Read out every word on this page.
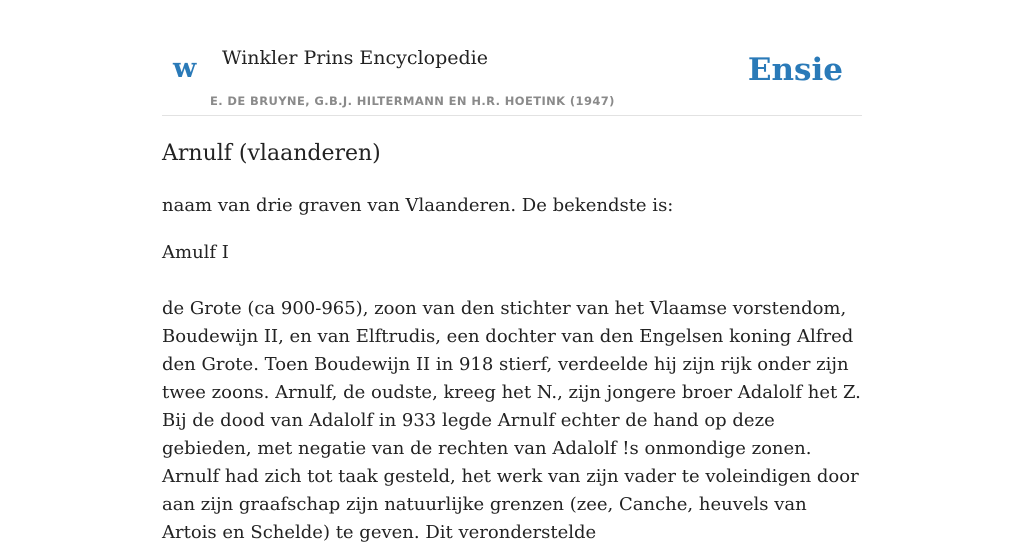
w Winkler Prins Encyclopedie
E. DE BRUYNE, G.B.J. HILTERMANN EN H.R. HOETINK (1947)
Ensie
Arnulf (vlaanderen)

naam van drie graven van Vlaanderen. De bekendste is:

Amulf I

de Grote (ca 900-965), zoon van den stichter van het Vlaamse vorstendom, Boudewijn II, en van Elftrudis, een dochter van den Engelsen koning Alfred den Grote. Toen Boudewijn II in 918 stierf, verdeelde hij zijn rijk onder zijn twee zoons. Arnulf, de oudste, kreeg het N., zijn jongere broer Adalolf het Z. Bij de dood van Adalolf in 933 legde Arnulf echter de hand op deze gebieden, met negatie van de rechten van Adalolf !s onmondige zonen. Arnulf had zich tot taak gesteld, het werk van zijn vader te voleindigen door aan zijn graafschap zijn natuurlijke grenzen (zee, Canche, heuvels van Artois en Schelde) te geven. Dit veronderstelde
